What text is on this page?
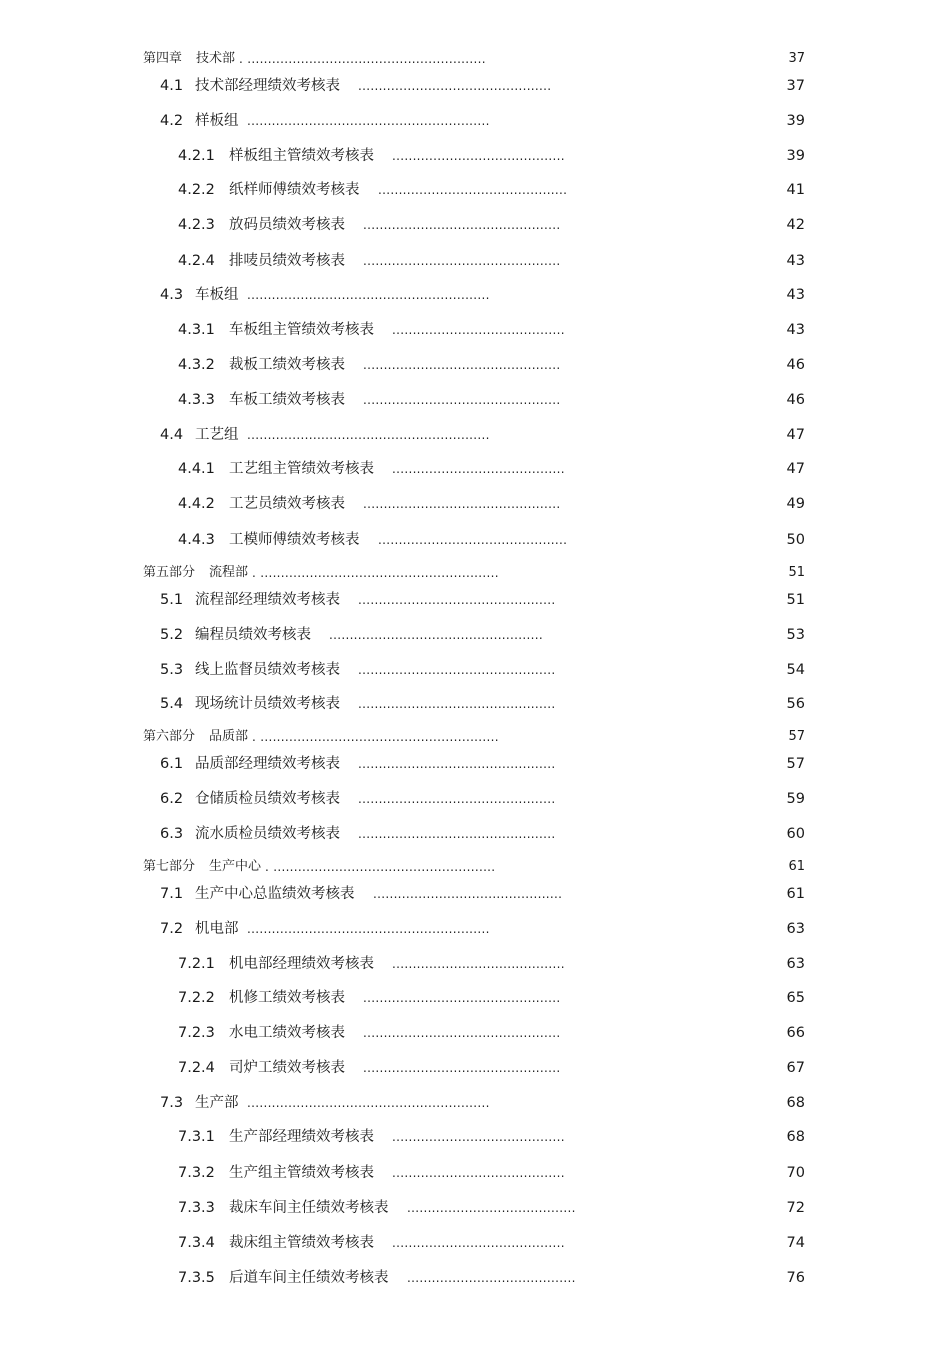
第四章 技术部 . ..........................................................	37
4.1 技术部经理绩效考核表 ...............................................	37
4.2 样板组 ...........................................................	39
4.2.1 样板组主管绩效考核表 ..........................................	39
4.2.2 纸样师傅绩效考核表 ..............................................	41
4.2.3 放码员绩效考核表 ................................................	42
4.2.4 排唛员绩效考核表 ................................................	43
4.3 车板组 ...........................................................	43
4.3.1 车板组主管绩效考核表 ..........................................	43
4.3.2 裁板工绩效考核表 ................................................	46
4.3.3 车板工绩效考核表 ................................................	46
4.4 工艺组 ...........................................................	47
4.4.1 工艺组主管绩效考核表 ..........................................	47
4.4.2 工艺员绩效考核表 ................................................	49
4.4.3 工模师傅绩效考核表 ..............................................	50
第五部分 流程部 . ..........................................................	51
5.1 流程部经理绩效考核表 ................................................	51
5.2 编程员绩效考核表 ....................................................	53
5.3 线上监督员绩效考核表 ................................................	54
5.4 现场统计员绩效考核表 ................................................	56
第六部分 品质部 . ..........................................................	57
6.1 品质部经理绩效考核表 ................................................	57
6.2 仓储质检员绩效考核表 ................................................	59
6.3 流水质检员绩效考核表 ................................................	60
第七部分 生产中心 . ......................................................	61
7.1 生产中心总监绩效考核表 ..............................................	61
7.2 机电部 ...........................................................	63
7.2.1 机电部经理绩效考核表 ..........................................	63
7.2.2 机修工绩效考核表 ................................................	65
7.2.3 水电工绩效考核表 ................................................	66
7.2.4 司炉工绩效考核表 ................................................	67
7.3 生产部 ...........................................................	68
7.3.1 生产部经理绩效考核表 ..........................................	68
7.3.2 生产组主管绩效考核表 ..........................................	70
7.3.3 裁床车间主任绩效考核表 .........................................	72
7.3.4 裁床组主管绩效考核表 ..........................................	74
7.3.5 后道车间主任绩效考核表 .........................................	76
